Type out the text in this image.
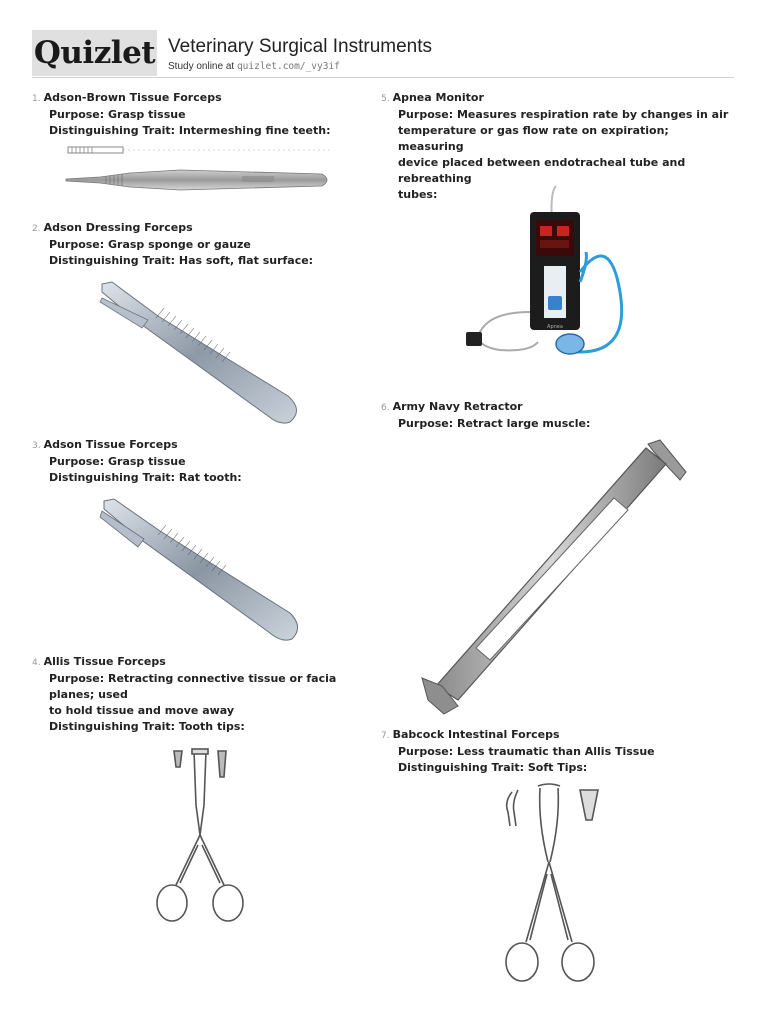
Quizlet Veterinary Surgical Instruments
Study online at quizlet.com/_vy3if
1. Adson-Brown Tissue Forceps
Purpose: Grasp tissue
Distinguishing Trait: Intermeshing fine teeth:
2. Adson Dressing Forceps
Purpose: Grasp sponge or gauze
Distinguishing Trait: Has soft, flat surface:
3. Adson Tissue Forceps
Purpose: Grasp tissue
Distinguishing Trait: Rat tooth:
4. Allis Tissue Forceps
Purpose: Retracting connective tissue or facia planes; used
to hold tissue and move away
Distinguishing Trait: Tooth tips:
5. Apnea Monitor
Purpose: Measures respiration rate by changes in air
temperature or gas flow rate on expiration; measuring
device placed between endotracheal tube and rebreathing
tubes:
Apnea
6. Army Navy Retractor
Purpose: Retract large muscle:
7. Babcock Intestinal Forceps
Purpose: Less traumatic than Allis Tissue
Distinguishing Trait: Soft Tips:
